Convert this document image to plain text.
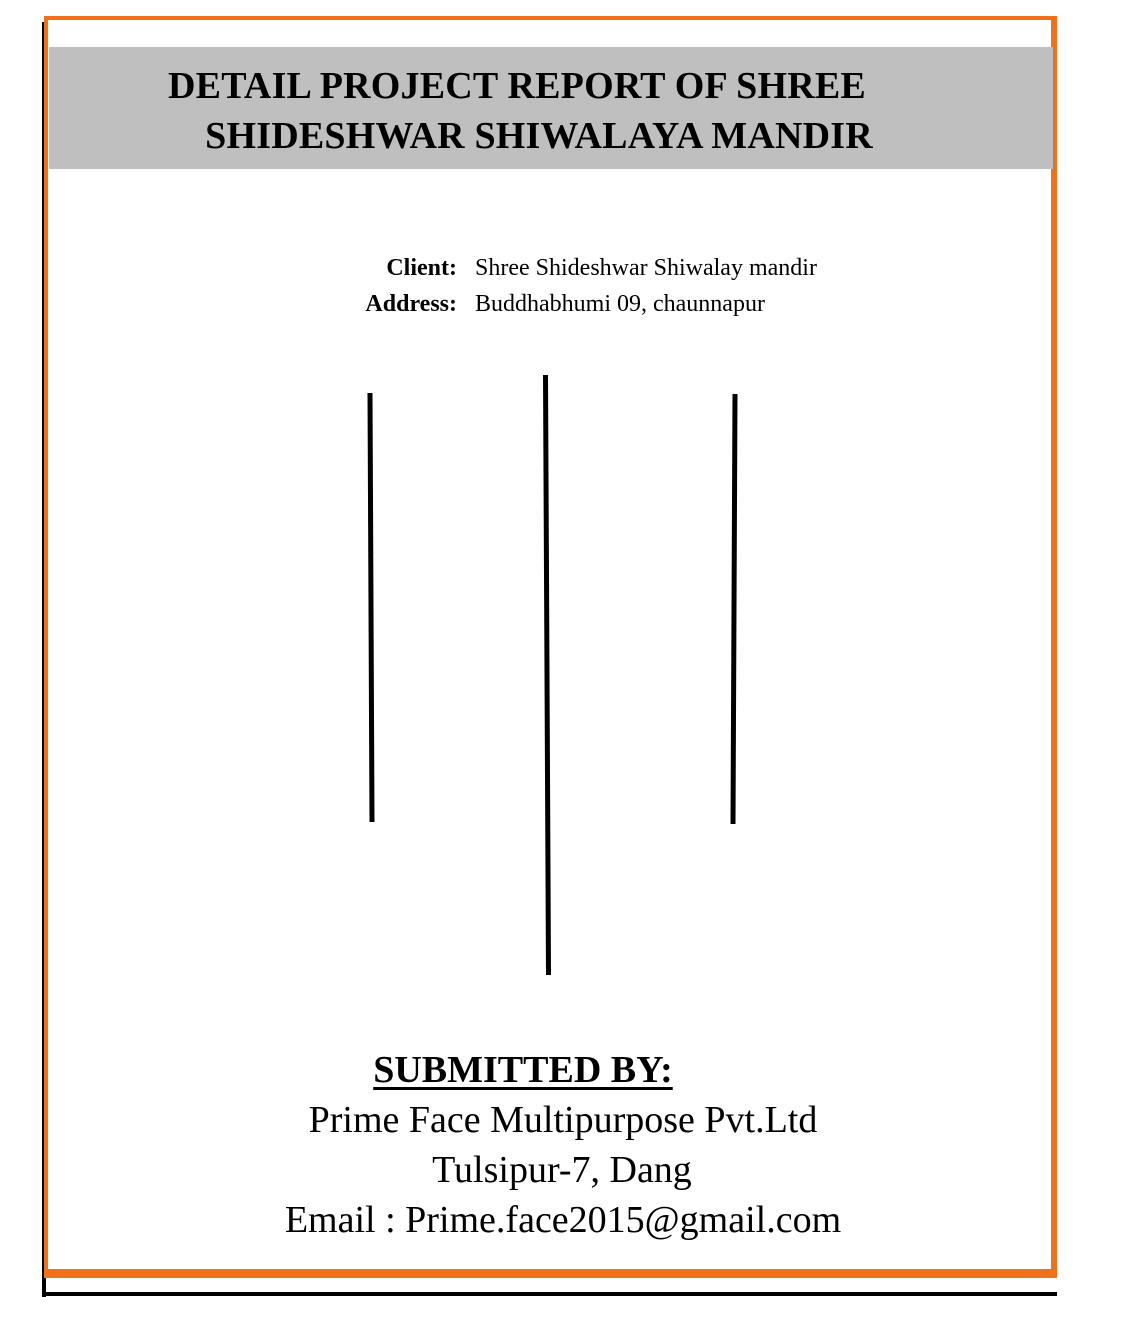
DETAIL PROJECT REPORT OF SHREE
SHIDESHWAR SHIWALAYA MANDIR
Client: Shree Shideshwar Shiwalay mandir
Address: Buddhabhumi 09, chaunnapur
SUBMITTED BY:
Prime Face Multipurpose Pvt.Ltd
Tulsipur-7, Dang
Email : Prime.face2015@gmail.com
